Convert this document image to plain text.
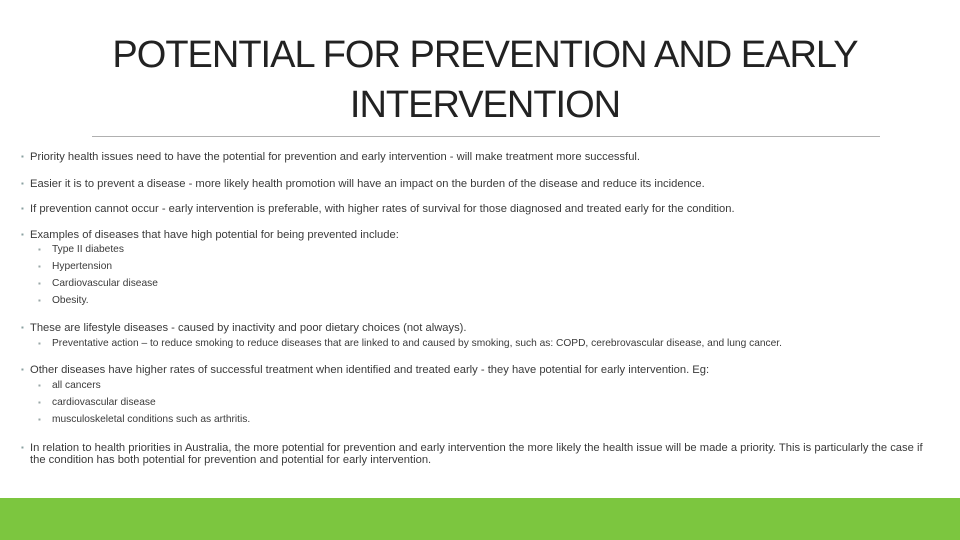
POTENTIAL FOR PREVENTION AND EARLY INTERVENTION
▪ Priority health issues need to have the potential for prevention and early intervention - will make treatment more successful.
▪ Easier it is to prevent a disease - more likely health promotion will have an impact on the burden of the disease and reduce its incidence.
▪ If prevention cannot occur - early intervention is preferable, with higher rates of survival for those diagnosed and treated early for the condition.
▪ Examples of diseases that have high potential for being prevented include:
▪ Type II diabetes
▪ Hypertension
▪ Cardiovascular disease
▪ Obesity.
▪ These are lifestyle diseases - caused by inactivity and poor dietary choices (not always).
▪ Preventative action – to reduce smoking to reduce diseases that are linked to and caused by smoking, such as: COPD, cerebrovascular disease, and lung cancer.
▪ Other diseases have higher rates of successful treatment when identified and treated early - they have potential for early intervention. Eg:
▪ all cancers
▪ cardiovascular disease
▪ musculoskeletal conditions such as arthritis.
▪ In relation to health priorities in Australia, the more potential for prevention and early intervention the more likely the health issue will be made a priority. This is particularly the case if the condition has both potential for prevention and potential for early intervention.
